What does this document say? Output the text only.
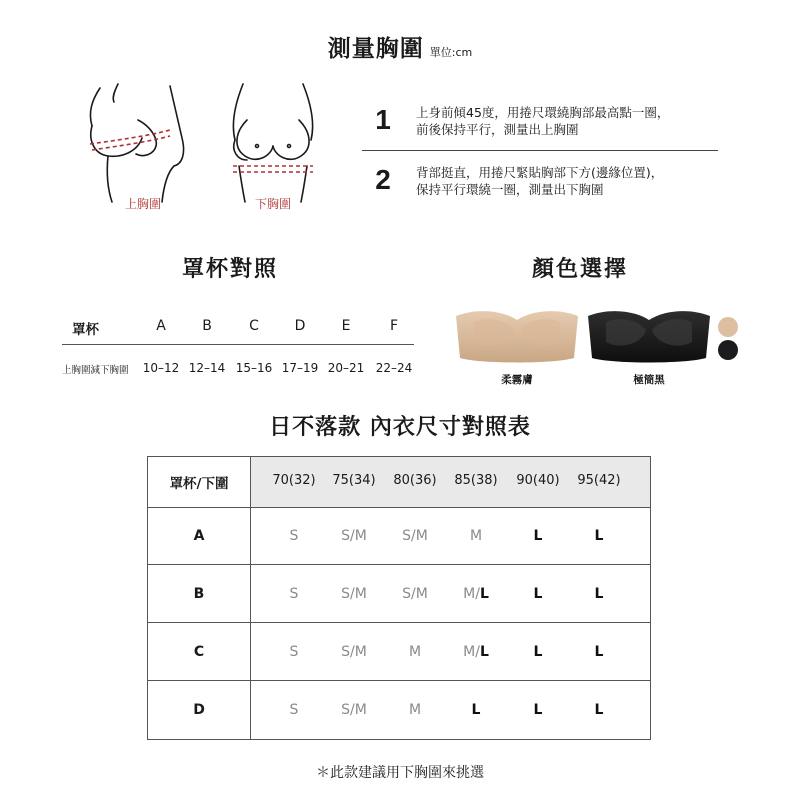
測量胸圍 單位:cm
上胸圍	下胸圍
1	上身前傾45度，用捲尺環繞胸部最高點一圈，
前後保持平行，測量出上胸圍
2	背部挺直，用捲尺緊貼胸部下方(邊緣位置)，
保持平行環繞一圈，測量出下胸圍
罩杯對照
罩杯	A	B	C	D	E	F
上胸圍減下胸圍	10–12 12–14 15–16 17–19 20–21 22–24
顏色選擇
柔霧膚	極簡黑
日不落款 內衣尺寸對照表
罩杯/下圍	70(32)	75(34)	80(36)	85(38)	90(40)	95(42)
A	S	S/M	S/M	M	L	L
B	S	S/M	S/M	M/L	L	L
C	S	S/M	M	M/L	L	L
D	S	S/M	M	L	L	L
＊此款建議用下胸圍來挑選
